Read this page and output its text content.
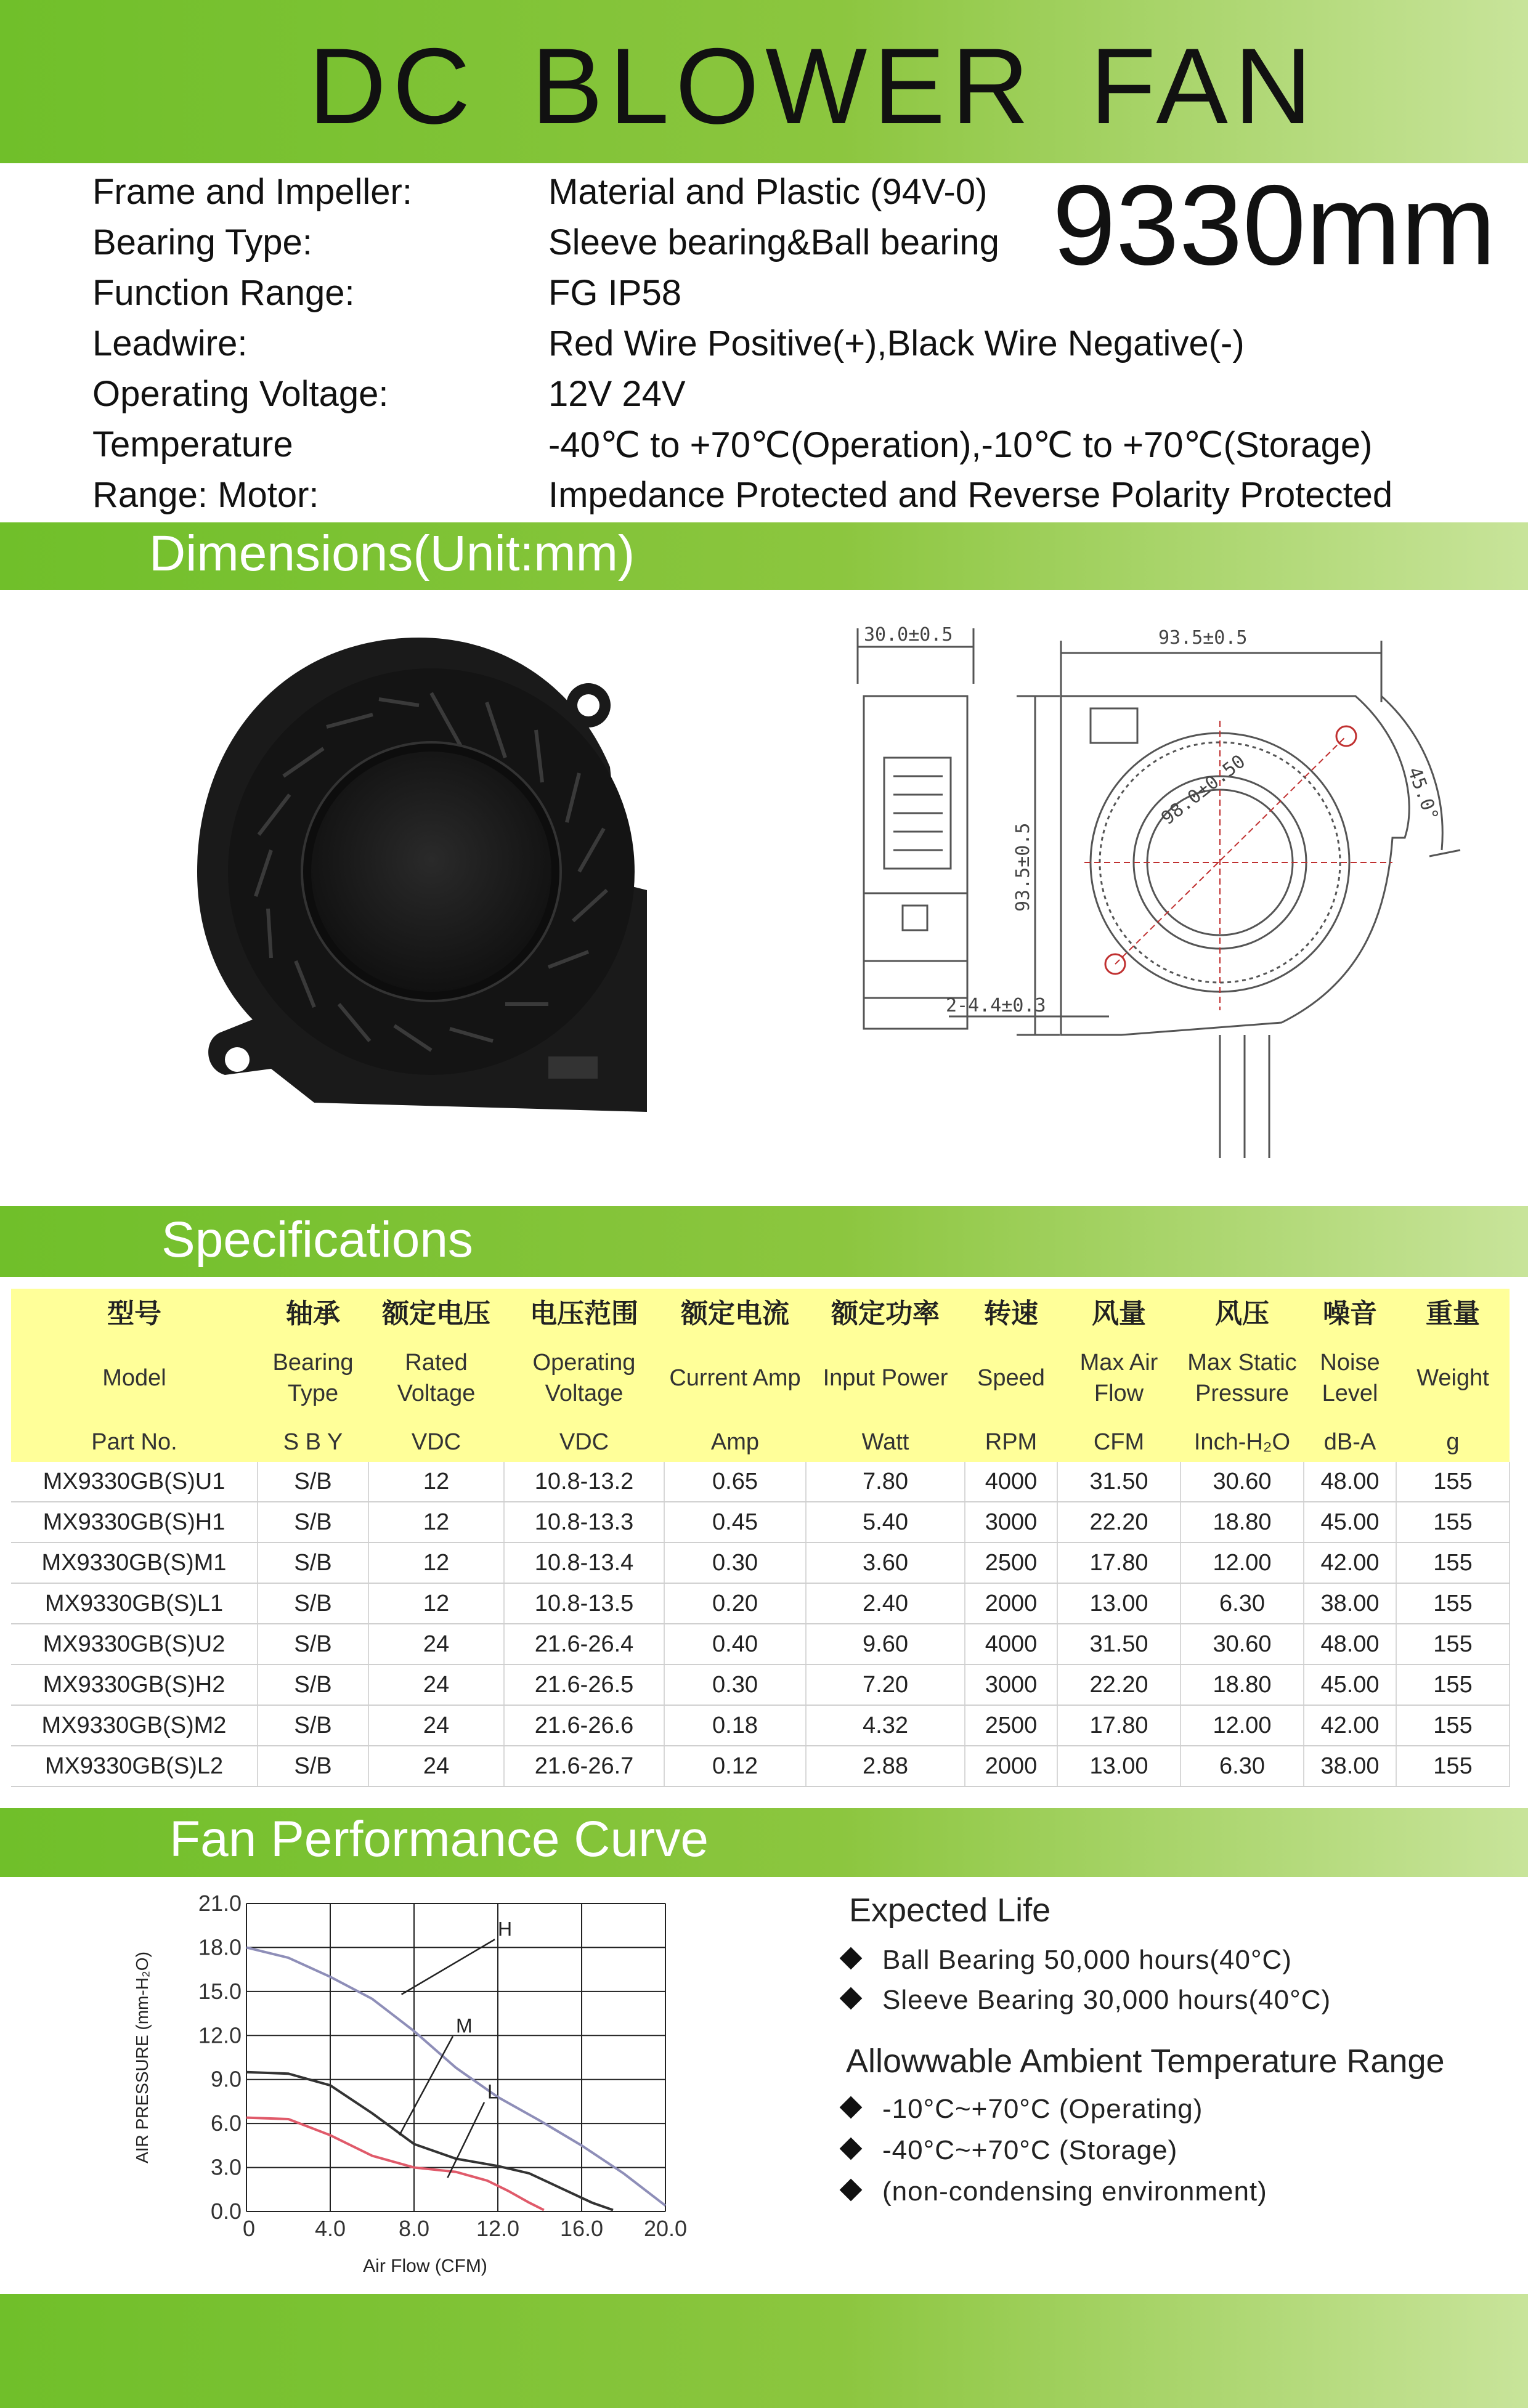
DC BLOWER FAN
Frame and Impeller:	Material and Plastic (94V-0)
Bearing Type:	Sleeve bearing&Ball bearing
Function Range:	FG IP58
Leadwire:	Red Wire Positive(+),Black Wire Negative(-)
Operating Voltage:	12V 24V
Temperature	-40℃ to +70℃(Operation),-10℃ to +70℃(Storage)
Range: Motor:	Impedance Protected and Reverse Polarity Protected
9330mm
Dimensions(Unit:mm)
30.0±0.5	93.5±0.5
93.5±0.5
98.0±0.50	45.0°
2-4.4±0.3
Specifications
型号	轴承	额定电压	电压范围	额定电流	额定功率	转速	风量	风压	噪音	重量
Model	Bearing Type	Rated Voltage	Operating Voltage	Current Amp	Input Power	Speed	Max Air Flow	Max Static Pressure	Noise Level	Weight
Part No.	S B Y	VDC	VDC	Amp	Watt	RPM	CFM	Inch-H₂O	dB-A	g
MX9330GB(S)U1	S/B	12	10.8-13.2	0.65	7.80	4000	31.50	30.60	48.00	155
MX9330GB(S)H1	S/B	12	10.8-13.3	0.45	5.40	3000	22.20	18.80	45.00	155
MX9330GB(S)M1	S/B	12	10.8-13.4	0.30	3.60	2500	17.80	12.00	42.00	155
MX9330GB(S)L1	S/B	12	10.8-13.5	0.20	2.40	2000	13.00	6.30	38.00	155
MX9330GB(S)U2	S/B	24	21.6-26.4	0.40	9.60	4000	31.50	30.60	48.00	155
MX9330GB(S)H2	S/B	24	21.6-26.5	0.30	7.20	3000	22.20	18.80	45.00	155
MX9330GB(S)M2	S/B	24	21.6-26.6	0.18	4.32	2500	17.80	12.00	42.00	155
MX9330GB(S)L2	S/B	24	21.6-26.7	0.12	2.88	2000	13.00	6.30	38.00	155
Fan Performance Curve
0.0
3.0
6.0
9.0
12.0
15.0
18.0
21.0
4.0 8.0 12.0 16.0 20.0
0
Air Flow (CFM)
AIR PRESSURE (mm-H₂O)
H
M
L
Expected Life
Ball Bearing 50,000 hours(40°C)
Sleeve Bearing 30,000 hours(40°C)
Allowwable Ambient Temperature Range
-10°C~+70°C (Operating)
-40°C~+70°C (Storage)
(non-condensing environment)
